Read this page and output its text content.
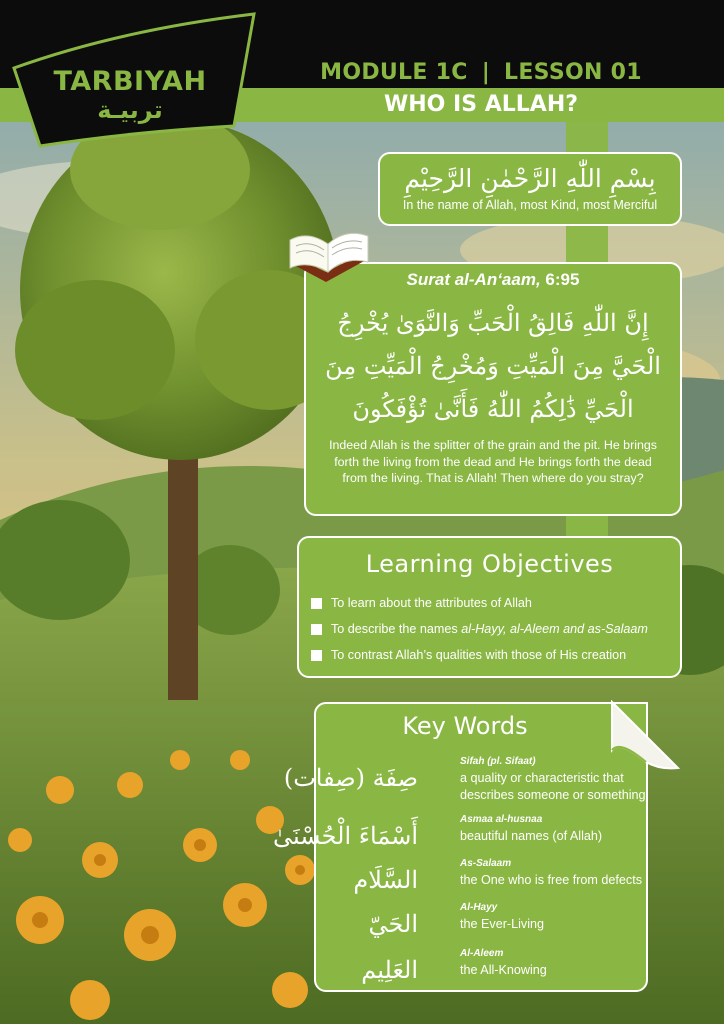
TARBIYAH
تربيـة
MODULE 1C | LESSON 01
WHO IS ALLAH?
بِسْمِ اللّٰهِ الرَّحْمٰنِ الرَّحِيْمِ
In the name of Allah, most Kind, most Merciful
Surat al-An‘aam, 6:95
إِنَّ اللّٰهِ فَالِقُ الْحَبِّ وَالنَّوَىٰ يُخْرِجُ
الْحَيَّ مِنَ الْمَيِّتِ وَمُخْرِجُ الْمَيِّتِ مِنَ
الْحَيِّ ذَٰلِكُمُ اللّٰهُ فَأَنَّىٰ تُؤْفَكُونَ
Indeed Allah is the splitter of the grain and the pit. He brings
forth the living from the dead and He brings forth the dead
from the living. That is Allah! Then where do you stray?
Learning Objectives
To learn about the attributes of Allah
To describe the names al-Hayy, al-Aleem and as-Salaam
To contrast Allah’s qualities with those of His creation
Key Words
صِفَة (صِفات)
Sifah (pl. Sifaat)
a quality or characteristic that describes someone or something
أَسْمَاءَ الْحُسْنَىٰ
Asmaa al-husnaa
beautiful names (of Allah)
السَّلَام
As-Salaam
the One who is free from defects
الحَيّ
Al-Hayy
the Ever-Living
العَلِيم
Al-Aleem
the All-Knowing
